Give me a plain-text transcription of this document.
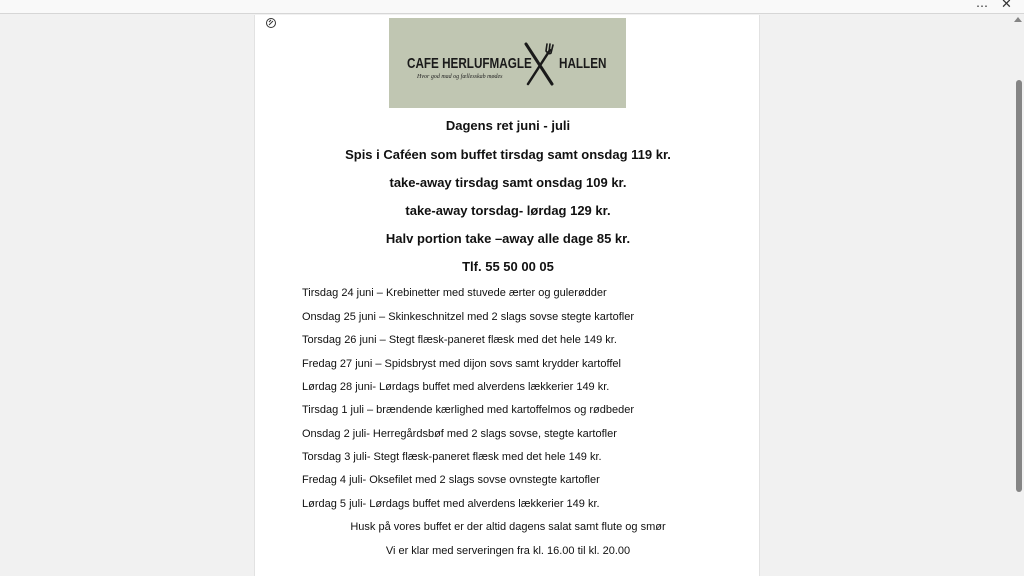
… ✕
CAFE HERLUFMAGLE HALLEN
Hvor god mad og fællesskab mødes
Dagens ret juni - juli
Spis i Caféen som buffet tirsdag samt onsdag 119 kr.
take-away tirsdag samt onsdag 109 kr.
take-away torsdag- lørdag 129 kr.
Halv portion take –away alle dage 85 kr.
Tlf. 55 50 00 05
Tirsdag 24 juni – Krebinetter med stuvede ærter og gulerødder
Onsdag 25 juni – Skinkeschnitzel med 2 slags sovse stegte kartofler
Torsdag 26 juni – Stegt flæsk-paneret flæsk med det hele 149 kr.
Fredag 27 juni – Spidsbryst med dijon sovs samt krydder kartoffel
Lørdag 28 juni- Lørdags buffet med alverdens lækkerier 149 kr.
Tirsdag 1 juli – brændende kærlighed med kartoffelmos og rødbeder
Onsdag 2 juli- Herregårdsbøf med 2 slags sovse, stegte kartofler
Torsdag 3 juli- Stegt flæsk-paneret flæsk med det hele 149 kr.
Fredag 4 juli- Oksefilet med 2 slags sovse ovnstegte kartofler
Lørdag 5 juli- Lørdags buffet med alverdens lækkerier 149 kr.
Husk på vores buffet er der altid dagens salat samt flute og smør
Vi er klar med serveringen fra kl. 16.00 til kl. 20.00
